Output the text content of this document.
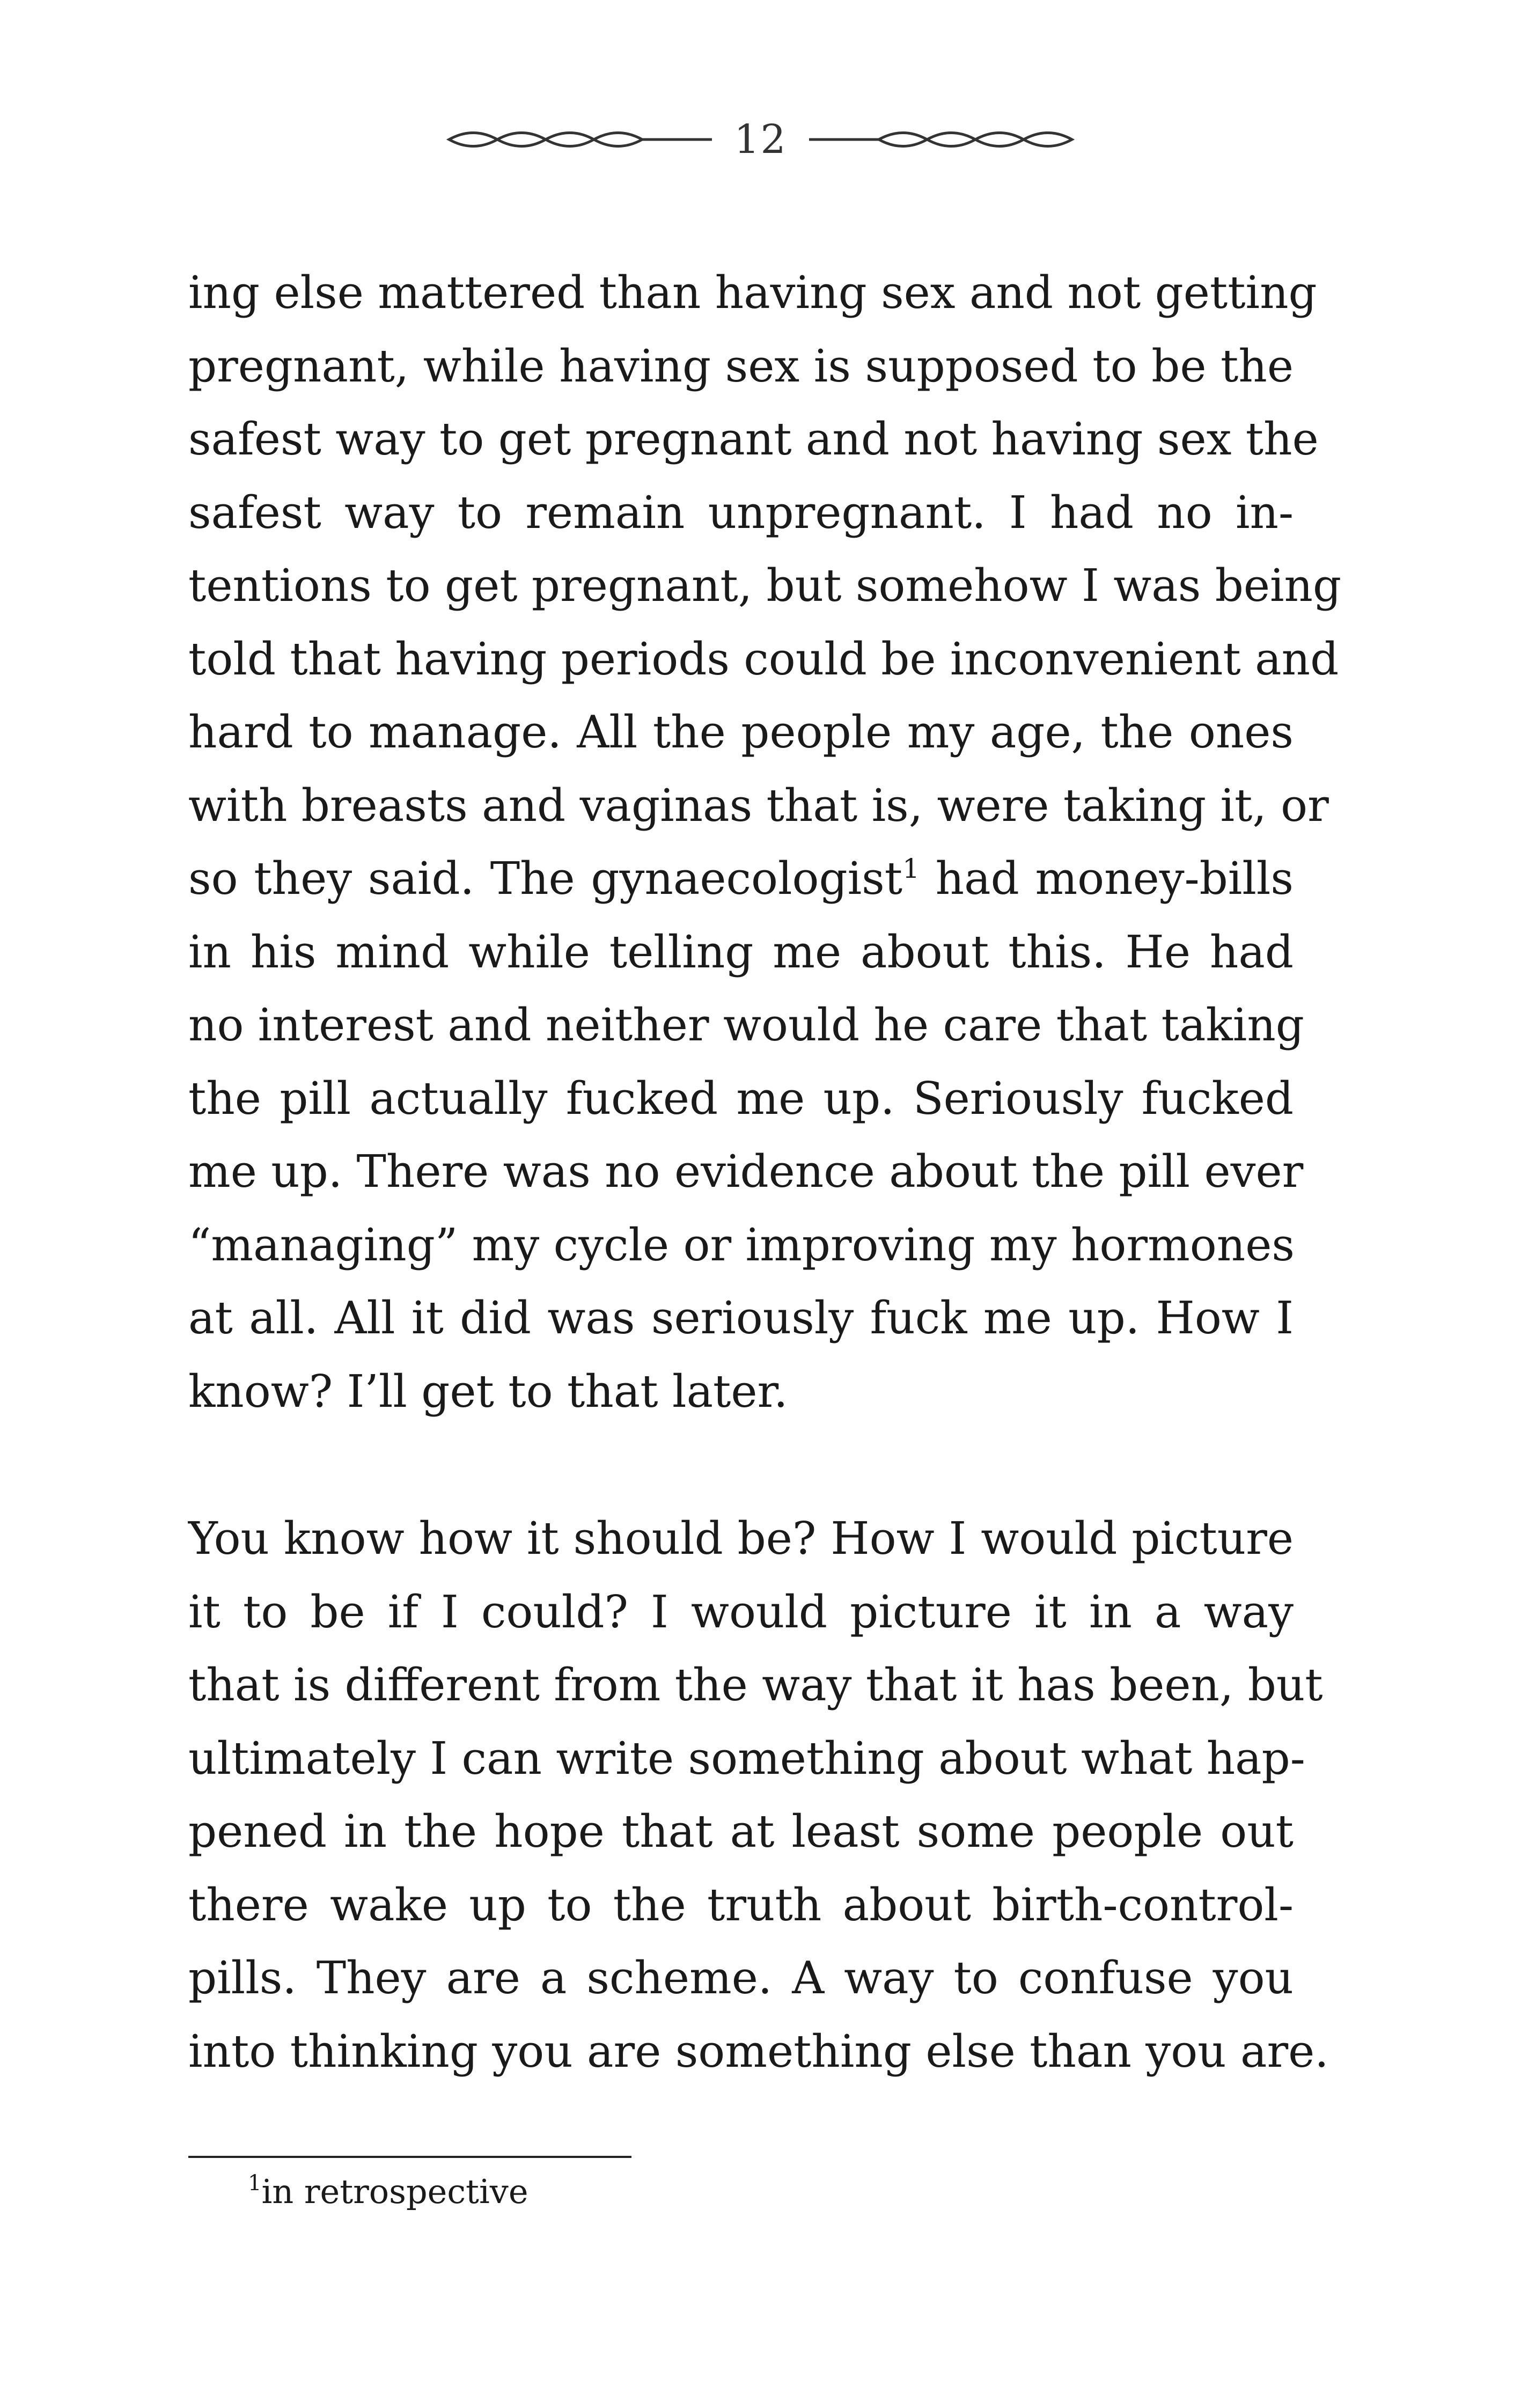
12
ing else mattered than having sex and not getting
pregnant, while having sex is supposed to be the
safest way to get pregnant and not having sex the
safest way to remain unpregnant. I had no in-
tentions to get pregnant, but somehow I was being
told that having periods could be inconvenient and
hard to manage. All the people my age, the ones
with breasts and vaginas that is, were taking it, or
so they said. The gynaecologist$^1$ had money-bills
in his mind while telling me about this. He had
no interest and neither would he care that taking
the pill actually fucked me up. Seriously fucked
me up. There was no evidence about the pill ever
“managing” my cycle or improving my hormones
at all. All it did was seriously fuck me up. How I
know? I’ll get to that later.
You know how it should be? How I would picture
it to be if I could? I would picture it in a way
that is different from the way that it has been, but
ultimately I can write something about what hap-
pened in the hope that at least some people out
there wake up to the truth about birth-control-
pills. They are a scheme. A way to confuse you
into thinking you are something else than you are.
$^1$in retrospective
